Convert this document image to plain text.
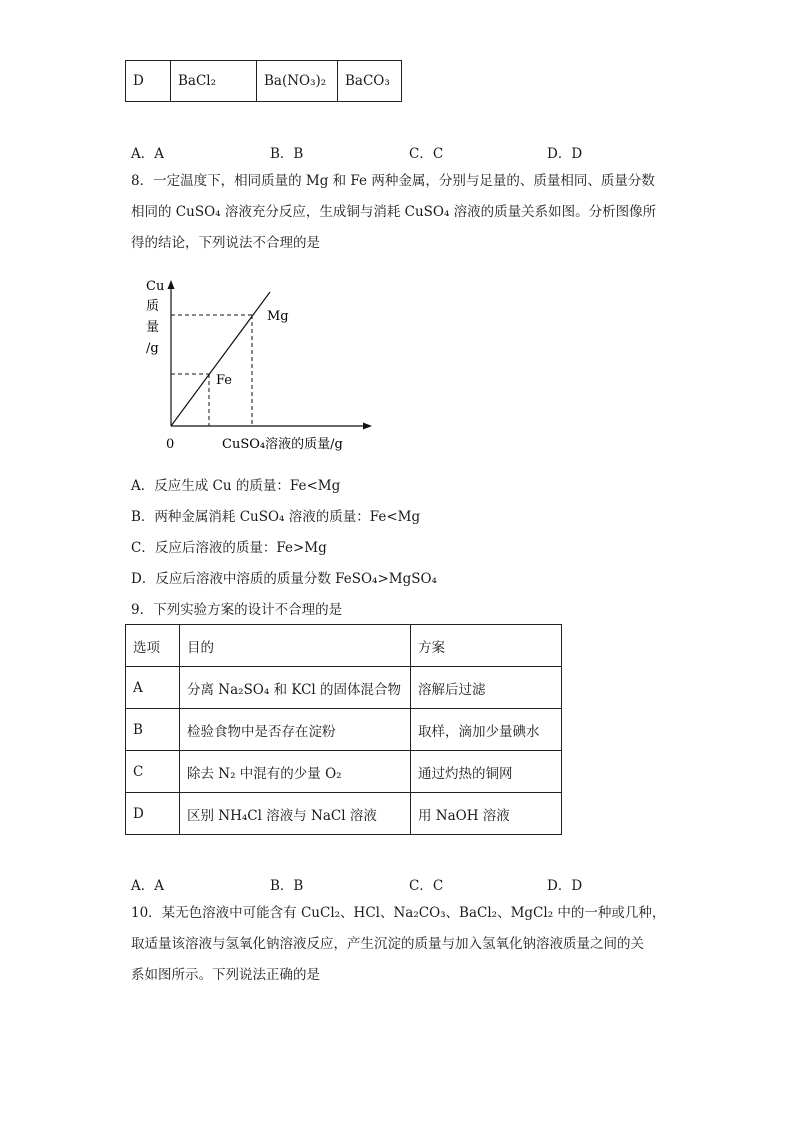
D	BaCl₂	Ba(NO₃)₂	BaCO₃
A．A	B．B	C．C	D．D
8．一定温度下，相同质量的 Mg 和 Fe 两种金属，分别与足量的、质量相同、质量分数
相同的 CuSO₄ 溶液充分反应，生成铜与消耗 CuSO₄ 溶液的质量关系如图。分析图像所
得的结论，下列说法不合理的是
Cu
质
量
/g
Fe
Mg
0	CuSO₄溶液的质量/g
A．反应生成 Cu 的质量：Fe<Mg
B．两种金属消耗 CuSO₄ 溶液的质量：Fe<Mg
C．反应后溶液的质量：Fe>Mg
D．反应后溶液中溶质的质量分数 FeSO₄>MgSO₄
9．下列实验方案的设计不合理的是
选项	目的	方案
A	分离 Na₂SO₄ 和 KCl 的固体混合物	溶解后过滤
B	检验食物中是否存在淀粉	取样，滴加少量碘水
C	除去 N₂ 中混有的少量 O₂	通过灼热的铜网
D	区别 NH₄Cl 溶液与 NaCl 溶液	用 NaOH 溶液
A．A	B．B	C．C	D．D
10．某无色溶液中可能含有 CuCl₂、HCl、Na₂CO₃、BaCl₂、MgCl₂ 中的一种或几种，
取适量该溶液与氢氧化钠溶液反应，产生沉淀的质量与加入氢氧化钠溶液质量之间的关
系如图所示。下列说法正确的是
